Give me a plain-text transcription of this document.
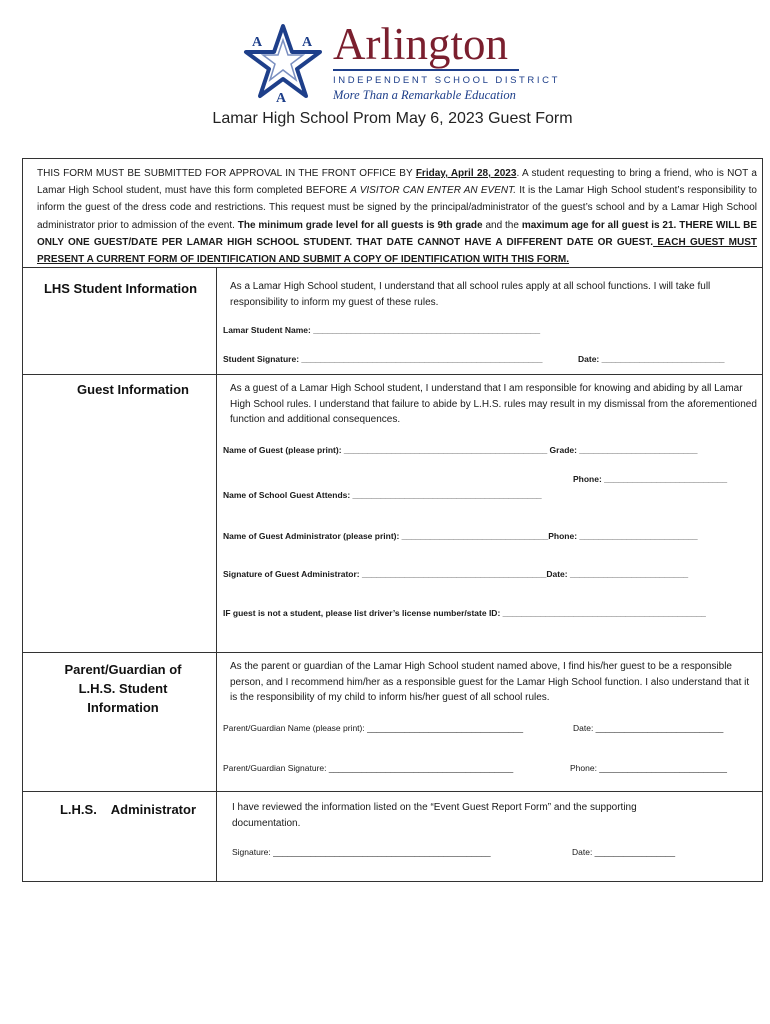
A	A
A
Arlington
INDEPENDENT SCHOOL DISTRICT
More Than a Remarkable Education
Lamar High School Prom May 6, 2023 Guest Form
THIS FORM MUST BE SUBMITTED FOR APPROVAL IN THE FRONT OFFICE BY Friday, April 28, 2023. A student requesting to bring a friend, who is NOT a Lamar High School student, must have this form completed BEFORE A VISITOR CAN ENTER AN EVENT. It is the Lamar High School student’s responsibility to inform the guest of the dress code and restrictions. This request must be signed by the principal/administrator of the guest’s school and by a Lamar High School administrator prior to admission of the event. The minimum grade level for all guests is 9th grade and the maximum age for all guest is 21. THERE WILL BE ONLY ONE GUEST/DATE PER LAMAR HIGH SCHOOL STUDENT. THAT DATE CANNOT HAVE A DIFFERENT DATE OR GUEST. EACH GUEST MUST PRESENT A CURRENT FORM OF IDENTIFICATION AND SUBMIT A COPY OF IDENTIFICATION WITH THIS FORM.
LHS Student Information	As a Lamar High School student, I understand that all school rules apply at all school functions. I will take full responsibility to inform my guest of these rules.
Lamar Student Name: ________________________________________________
Student Signature: ___________________________________________________	Date: __________________________
Guest Information	As a guest of a Lamar High School student, I understand that I am responsible for knowing and abiding by all Lamar High School rules. I understand that failure to abide by L.H.S. rules may result in my dismissal from the aforementioned function and additional consequences.
Name of Guest (please print): ___________________________________________ Grade: _________________________
Phone: __________________________
Name of School Guest Attends: ________________________________________
Name of Guest Administrator (please print): _______________________________Phone: _________________________
Signature of Guest Administrator: _______________________________________Date: _________________________
IF guest is not a student, please list driver’s license number/state ID: ___________________________________________
Parent/Guardian of L.H.S. Student Information
As the parent or guardian of the Lamar High School student named above, I find his/her guest to be a responsible person, and I recommend him/her as a responsible guest for the Lamar High School function. I also understand that it is the responsibility of my child to inform his/her guest of all school rules.
Parent/Guardian Name (please print): _________________________________	Date: ___________________________
Parent/Guardian Signature: _______________________________________	Phone: ___________________________
L.H.S.    Administrator	I have reviewed the information listed on the “Event Guest Report Form” and the supporting documentation.
Signature: ______________________________________________	Date: _________________
